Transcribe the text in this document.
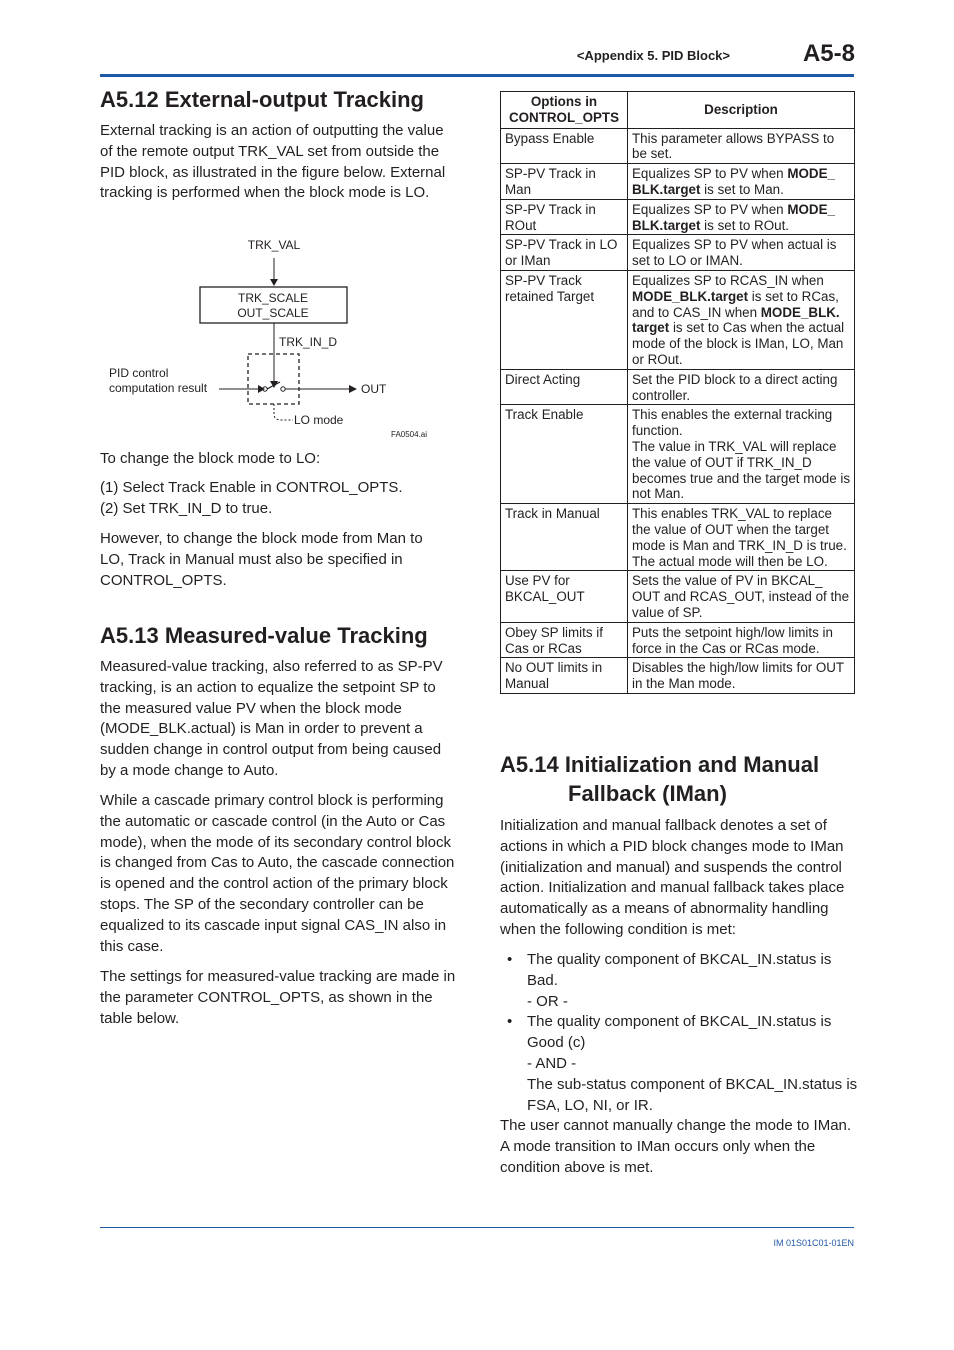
<Appendix 5. PID Block>	A5-8
A5.12 External-output Tracking

External tracking is an action of outputting the value of the remote output TRK_VAL set from outside the PID block, as illustrated in the figure below. External tracking is performed when the block mode is LO.

TRK_VAL
TRK_SCALE
OUT_SCALE
TRK_IN_D
PID control
computation result	OUT
LO mode
FA0504.ai

To change the block mode to LO:

(1) Select Track Enable in CONTROL_OPTS.
(2) Set TRK_IN_D to true.

However, to change the block mode from Man to LO, Track in Manual must also be specified in CONTROL_OPTS.

A5.13 Measured-value Tracking

Measured-value tracking, also referred to as SP-PV tracking, is an action to equalize the setpoint SP to the measured value PV when the block mode (MODE_BLK.actual) is Man in order to prevent a sudden change in control output from being caused by a mode change to Auto.

While a cascade primary control block is performing the automatic or cascade control (in the Auto or Cas mode), when the mode of its secondary control block is changed from Cas to Auto, the cascade connection is opened and the control action of the primary block stops. The SP of the secondary controller can be equalized to its cascade input signal CAS_IN also in this case.

The settings for measured-value tracking are made in the parameter CONTROL_OPTS, as shown in the table below.

Options in CONTROL_OPTS	Description
Bypass Enable	This parameter allows BYPASS to be set.
SP-PV Track in Man	Equalizes SP to PV when MODE_ BLK.target is set to Man.
SP-PV Track in ROut	Equalizes SP to PV when MODE_ BLK.target is set to ROut.
SP-PV Track in LO or IMan	Equalizes SP to PV when actual is set to LO or IMAN.
SP-PV Track retained Target	Equalizes SP to RCAS_IN when MODE_BLK.target is set to RCas, and to CAS_IN when MODE_BLK. target is set to Cas when the actual mode of the block is IMan, LO, Man or ROut.
Direct Acting	Set the PID block to a direct acting controller.
Track Enable	This enables the external tracking function.
The value in TRK_VAL will replace the value of OUT if TRK_IN_D becomes true and the target mode is not Man.

Track in Manual	This enables TRK_VAL to replace the value of OUT when the target mode is Man and TRK_IN_D is true. The actual mode will then be LO.
Use PV for BKCAL_OUT	Sets the value of PV in BKCAL_ OUT and RCAS_OUT, instead of the value of SP.
Obey SP limits if Cas or RCas	Puts the setpoint high/low limits in force in the Cas or RCas mode.
No OUT limits in Manual	Disables the high/low limits for OUT in the Man mode.
A5.14 Initialization and Manual
Fallback (IMan)

Initialization and manual fallback denotes a set of actions in which a PID block changes mode to IMan (initialization and manual) and suspends the control action. Initialization and manual fallback takes place automatically as a means of abnormality handling when the following condition is met:

• The quality component of BKCAL_IN.status is Bad.
- OR -
• The quality component of BKCAL_IN.status is Good (c)
- AND -
The sub-status component of BKCAL_IN.status is FSA, LO, NI, or IR.

The user cannot manually change the mode to IMan. A mode transition to IMan occurs only when the condition above is met.

IM 01S01C01-01EN
